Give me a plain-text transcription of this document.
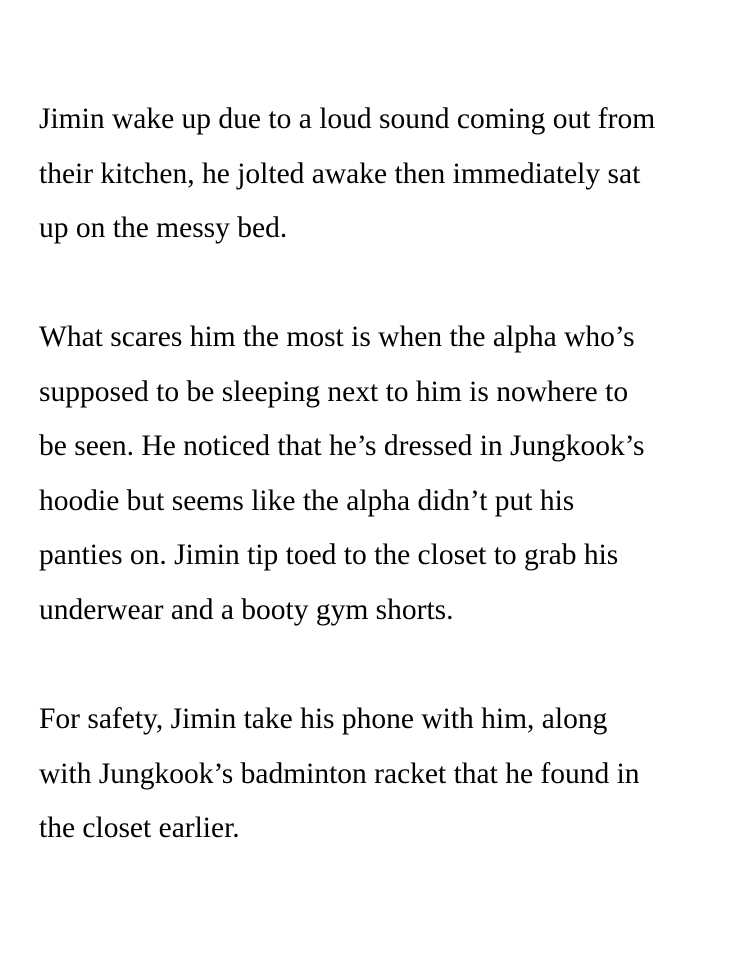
Jimin wake up due to a loud sound coming out from
their kitchen, he jolted awake then immediately sat
up on the messy bed.

What scares him the most is when the alpha who’s
supposed to be sleeping next to him is nowhere to
be seen. He noticed that he’s dressed in Jungkook’s
hoodie but seems like the alpha didn’t put his
panties on. Jimin tip toed to the closet to grab his
underwear and a booty gym shorts.

For safety, Jimin take his phone with him, along
with Jungkook’s badminton racket that he found in
the closet earlier.
